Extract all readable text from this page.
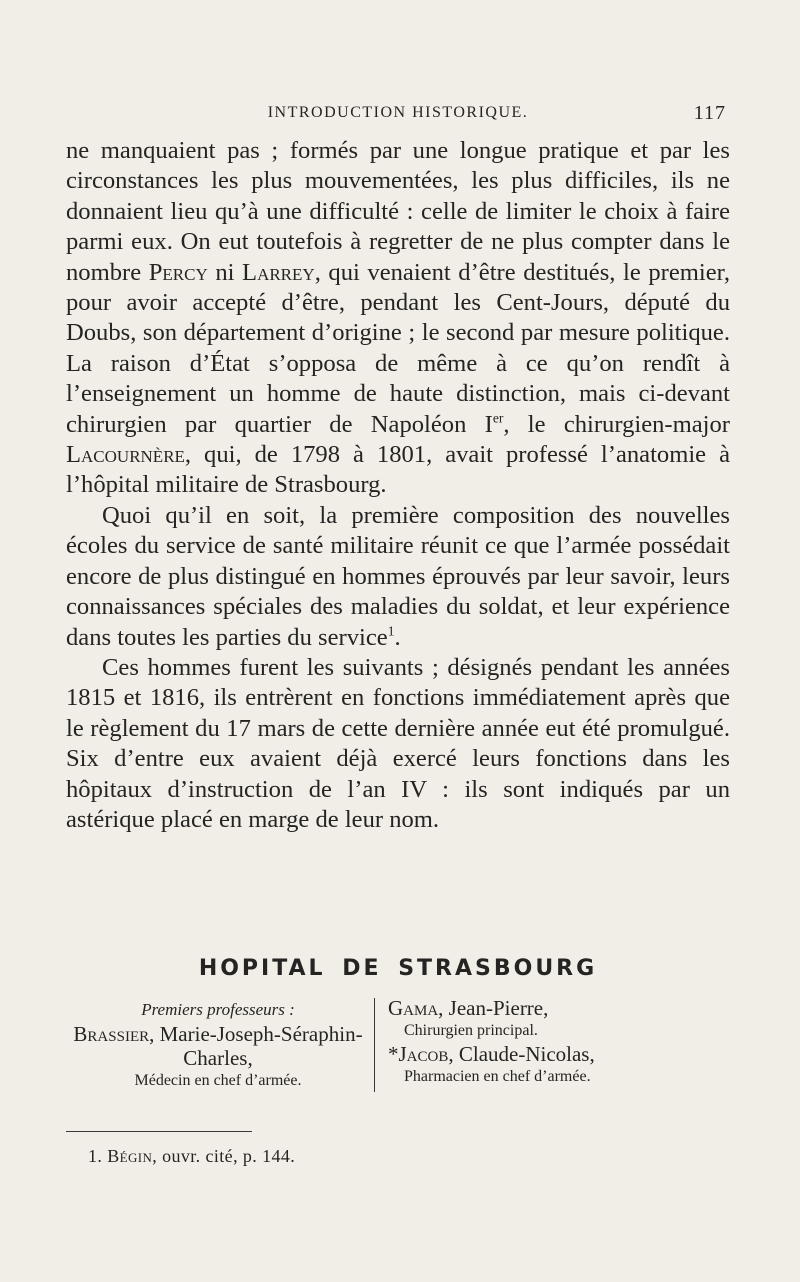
INTRODUCTION HISTORIQUE.	117

ne manquaient pas ; formés par une longue pratique et par les circonstances les plus mouvementées, les plus difficiles, ils ne donnaient lieu qu’à une difficulté : celle de limiter le choix à faire parmi eux. On eut toutefois à regretter de ne plus compter dans le nombre Percy ni Larrey, qui venaient d’être destitués, le premier, pour avoir accepté d’être, pendant les Cent-Jours, député du Doubs, son département d’origine ; le second par mesure politique. La raison d’État s’opposa de même à ce qu’on rendît à l’enseignement un homme de haute distinction, mais ci-devant chirurgien par quartier de Napoléon Ier, le chirurgien-major Lacournère, qui, de 1798 à 1801, avait professé l’anatomie à l’hôpital militaire de Strasbourg.

Quoi qu’il en soit, la première composition des nouvelles écoles du service de santé militaire réunit ce que l’armée possédait encore de plus distingué en hommes éprouvés par leur savoir, leurs connaissances spéciales des maladies du soldat, et leur expérience dans toutes les parties du service$^1$.

Ces hommes furent les suivants ; désignés pendant les années 1815 et 1816, ils entrèrent en fonctions immédiatement après que le règlement du 17 mars de cette dernière année eut été promulgué. Six d’entre eux avaient déjà exercé leurs fonctions dans les hôpitaux d’instruction de l’an IV : ils sont indiqués par un astérique placé en marge de leur nom.

HOPITAL DE STRASBOURG
Premiers professeurs :
Brassier, Marie-Joseph-Séraphin-Charles,
Médecin en chef d’armée.
Gama, Jean-Pierre,
Chirurgien principal.
*Jacob, Claude-Nicolas,
Pharmacien en chef d’armée.
1. Bégin, ouvr. cité, p. 144.
